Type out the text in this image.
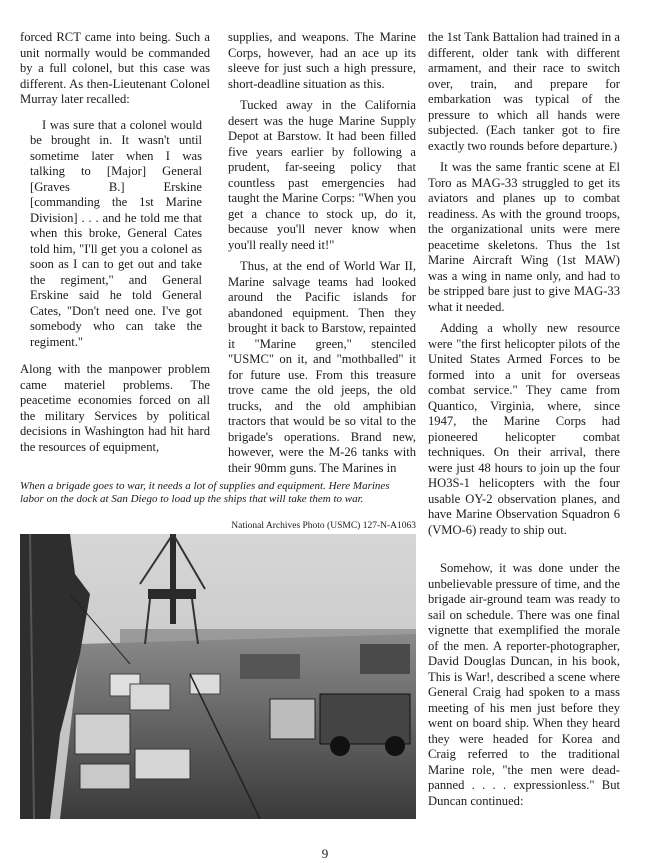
forced RCT came into being. Such a unit normally would be commanded by a full colonel, but this case was different. As then-Lieutenant Colonel Murray later recalled:

I was sure that a colonel would be brought in. It wasn't until sometime later when I was talking to [Major] General [Graves B.] Erskine [commanding the 1st Marine Division] . . . and he told me that when this broke, General Cates told him, "I'll get you a colonel as soon as I can to get out and take the regiment," and General Erskine said he told General Cates, "Don't need one. I've got somebody who can take the regiment."

Along with the manpower problem came materiel problems. The peacetime economies forced on all the military Services by political decisions in Washington had hit hard the resources of equipment,

supplies, and weapons. The Marine Corps, however, had an ace up its sleeve for just such a high pressure, short-deadline situation as this.

Tucked away in the California desert was the huge Marine Supply Depot at Barstow. It had been filled five years earlier by following a prudent, far-seeing policy that countless past emergencies had taught the Marine Corps: "When you get a chance to stock up, do it, because you'll never know when you'll really need it!"

Thus, at the end of World War II, Marine salvage teams had looked around the Pacific islands for abandoned equipment. Then they brought it back to Barstow, repainted it "Marine green," stenciled "USMC" on it, and "mothballed" it for future use. From this treasure trove came the old jeeps, the old trucks, and the old amphibian tractors that would be so vital to the brigade's operations. Brand new, however, were the M-26 tanks with their 90mm guns. The Marines in

the 1st Tank Battalion had trained in a different, older tank with different armament, and their race to switch over, train, and prepare for embarkation was typical of the pressure to which all hands were subjected. (Each tanker got to fire exactly two rounds before departure.)

It was the same frantic scene at El Toro as MAG-33 struggled to get its aviators and planes up to combat readiness. As with the ground troops, the organizational units were mere peacetime skeletons. Thus the 1st Marine Aircraft Wing (1st MAW) was a wing in name only, and had to be stripped bare just to give MAG-33 what it needed.

Adding a wholly new resource were "the first helicopter pilots of the United States Armed Forces to be formed into a unit for overseas combat service." They came from Quantico, Virginia, where, since 1947, the Marine Corps had pioneered helicopter combat techniques. On their arrival, there were just 48 hours to join up the four HO3S-1 helicopters with the four usable OY-2 observation planes, and have Marine Observation Squadron 6 (VMO-6) ready to ship out.

Somehow, it was done under the unbelievable pressure of time, and the brigade air-ground team was ready to sail on schedule. There was one final vignette that exemplified the morale of the men. A reporter-photographer, David Douglas Duncan, in his book, This is War!, described a scene where General Craig had spoken to a mass meeting of his men just before they went on board ship. When they heard they were headed for Korea and Craig referred to the traditional Marine role, "the men were dead-panned . . . . expressionless." But Duncan continued:

When a brigade goes to war, it needs a lot of supplies and equipment. Here Marines labor on the dock at San Diego to load up the ships that will take them to war.
National Archives Photo (USMC) 127-N-A1063
9
